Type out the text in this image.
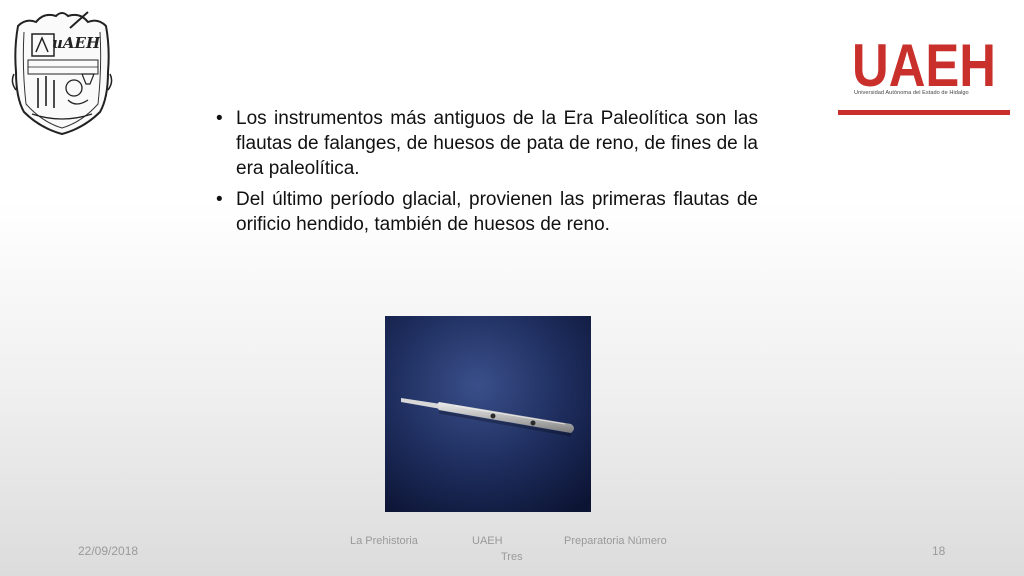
uAEH	UAEH
Universidad Autónoma del Estado de Hidalgo
• Los instrumentos más antiguos de la Era Paleolítica son las flautas de falanges, de huesos de pata de reno, de fines de la era paleolítica.
• Del último período glacial, provienen las primeras flautas de orificio hendido, también de huesos de reno.
22/09/2018
La Prehistoria	UAEH	Preparatoria Número
Tres	18
